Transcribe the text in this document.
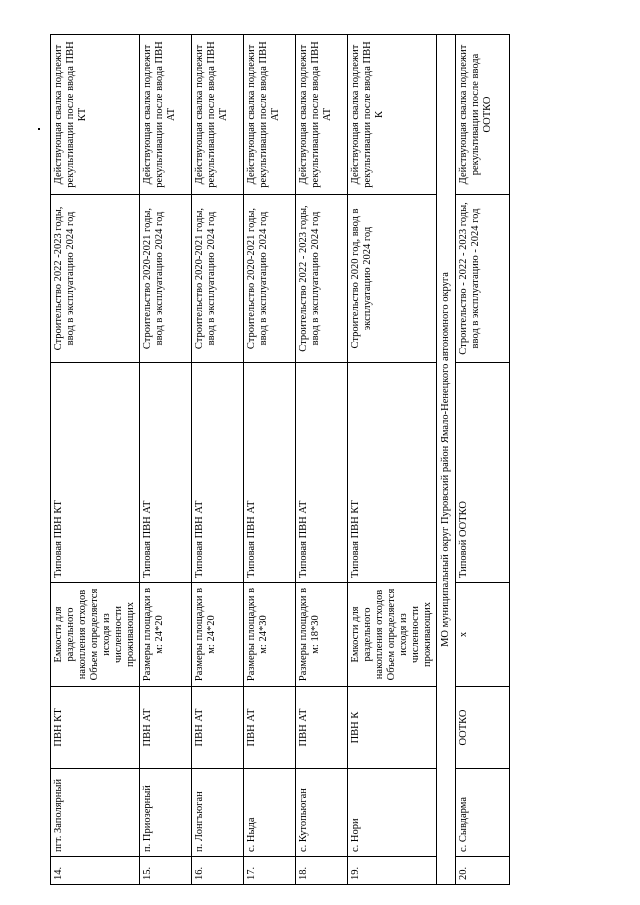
14.	пгт. Заполярный	ПВН КТ	Емкости для раздельного накопления отходов Объем определяется исходя из численности проживающих	Типовая ПВН КТ	Строительство 2022 -2023 годы, ввод в эксплуатацию 2024 год	Действующая свалка подлежит рекультивации после ввода ПВН КТ
15.	п. Приозерный	ПВН АТ	Размеры площадки в м: 24*20	Типовая ПВН АТ	Строительство 2020-2021 годы, ввод в эксплуатацию 2024 год	Действующая свалка подлежит рекультивации после ввода ПВН АТ
16.	п. Лонгъюган	ПВН АТ	Размеры площадки в м: 24*20	Типовая ПВН АТ	Строительство 2020-2021 годы, ввод в эксплуатацию 2024 год	Действующая свалка подлежит рекультивации после ввода ПВН АТ
17.	с. Ныда	ПВН АТ	Размеры площадки в м: 24*30	Типовая ПВН АТ	Строительство 2020-2021 годы, ввод в эксплуатацию 2024 год	Действующая свалка подлежит рекультивации после ввода ПВН АТ
18.	с. Кутопьюган	ПВН АТ	Размеры площадки в м: 18*30	Типовая ПВН АТ	Строительство 2022 - 2023 годы, ввод в эксплуатацию 2024 год	Действующая свалка подлежит рекультивации после ввода ПВН АТ
19.	с. Нори	ПВН К	Емкости для раздельного накопления отходов Объем определяется исходя из численности проживающих	Типовая ПВН КТ	Строительство 2020 год, ввод в эксплуатацию 2024 год	Действующая свалка подлежит рекультивации после ввода ПВН К
МО муниципальный округ Пуровский район Ямало-Ненецкого автономного округа						
20.	с. Сывдарма	ООТКО	х	Типовой ООТКО	Строительство - 2022 - 2023 годы, ввод в эксплуатацию - 2024 год	Действующая свалка подлежит рекультивации после ввода ООТКО
